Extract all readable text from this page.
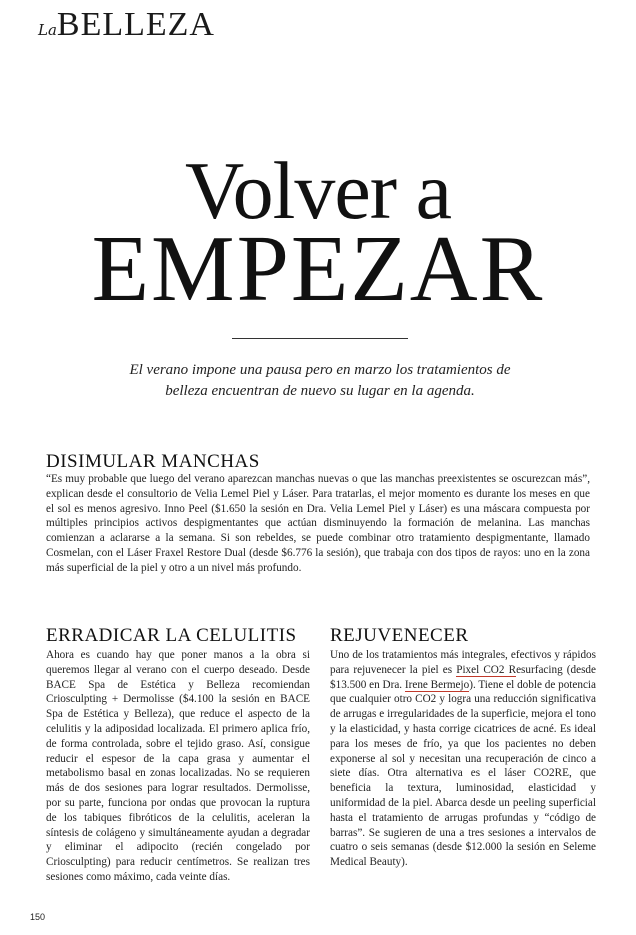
LaBELLEZA
Volver a
EMPEZAR
El verano impone una pausa pero en marzo los tratamientos de belleza encuentran de nuevo su lugar en la agenda.
DISIMULAR MANCHAS
“Es muy probable que luego del verano aparezcan manchas nuevas o que las manchas preexistentes se oscurezcan más”, explican desde el consultorio de Velia Lemel Piel y Láser. Para tratarlas, el mejor momento es durante los meses en que el sol es menos agresivo. Inno Peel ($1.650 la sesión en Dra. Velia Lemel Piel y Láser) es una máscara compuesta por múltiples principios activos despigmentantes que actúan disminuyendo la formación de melanina. Las manchas comienzan a aclararse a la semana. Si son rebeldes, se puede combinar otro tratamiento despigmentante, llamado Cosmelan, con el Láser Fraxel Restore Dual (desde $6.776 la sesión), que trabaja con dos tipos de rayos: uno en la zona más superficial de la piel y otro a un nivel más profundo.
ERRADICAR LA CELULITIS
Ahora es cuando hay que poner manos a la obra si queremos llegar al verano con el cuerpo deseado. Desde BACE Spa de Estética y Belleza recomiendan Criosculpting + Dermolisse ($4.100 la sesión en BACE Spa de Estética y Belleza), que reduce el aspecto de la celulitis y la adiposidad localizada. El primero aplica frío, de forma controlada, sobre el tejido graso. Así, consigue reducir el espesor de la capa grasa y aumentar el metabolismo basal en zonas localizadas. No se requieren más de dos sesiones para lograr resultados. Dermolisse, por su parte, funciona por ondas que provocan la ruptura de los tabiques fibróticos de la celulitis, aceleran la síntesis de colágeno y simultáneamente ayudan a degradar y eliminar el adipocito (recién congelado por Criosculpting) para reducir centímetros. Se realizan tres sesiones como máximo, cada veinte días.
REJUVENECER
Uno de los tratamientos más integrales, efectivos y rápidos para rejuvenecer la piel es Pixel CO2 Resurfacing (desde $13.500 en Dra. Irene Bermejo). Tiene el doble de potencia que cualquier otro CO2 y logra una reducción significativa de arrugas e irregularidades de la superficie, mejora el tono y la elasticidad, y hasta corrige cicatrices de acné. Es ideal para los meses de frío, ya que los pacientes no deben exponerse al sol y necesitan una recuperación de cinco a siete días. Otra alternativa es el láser CO2RE, que beneficia la textura, luminosidad, elasticidad y uniformidad de la piel. Abarca desde un peeling superficial hasta el tratamiento de arrugas profundas y “código de barras”. Se sugieren de una a tres sesiones a intervalos de cuatro o seis semanas (desde $12.000 la sesión en Seleme Medical Beauty).
150
